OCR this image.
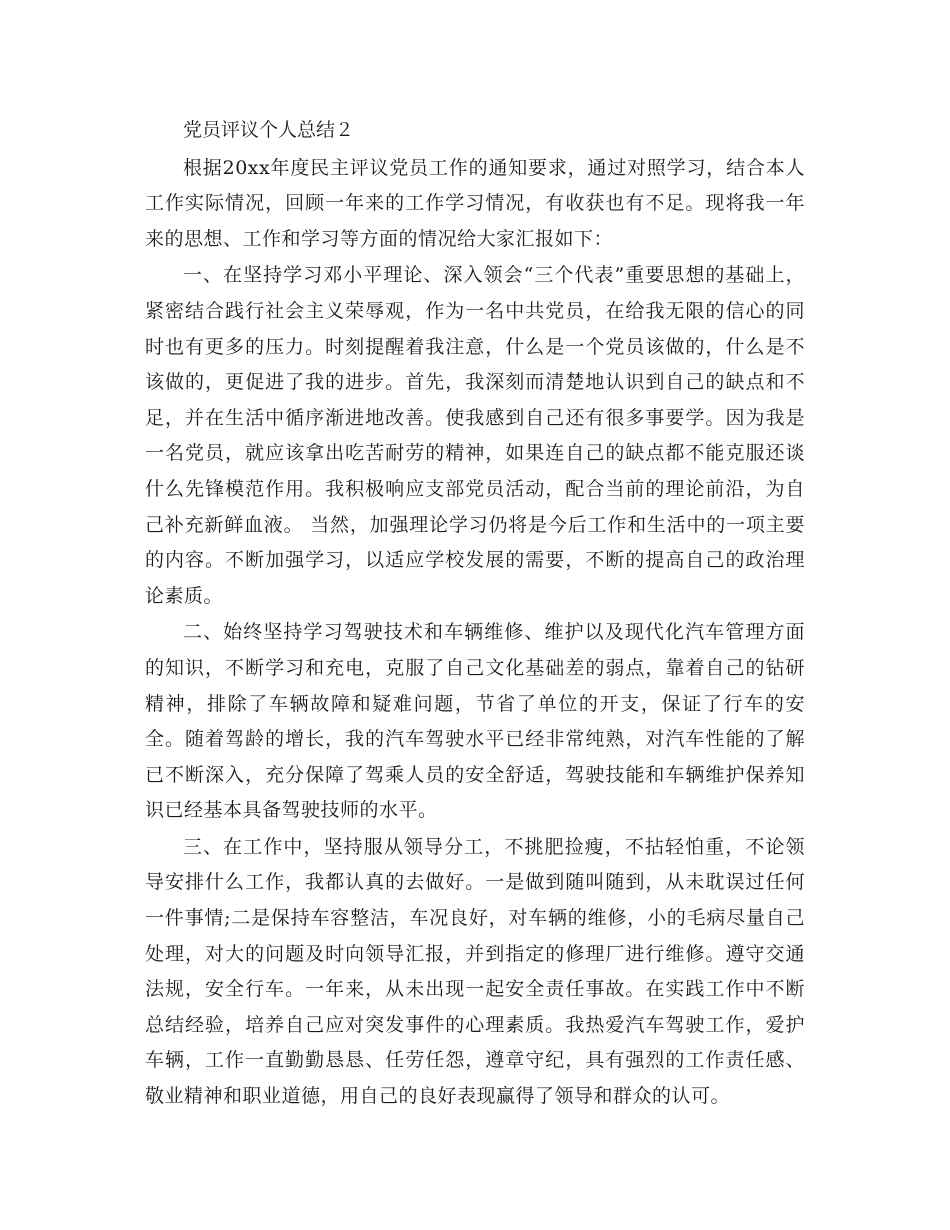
党员评议个人总结２

根据20xx年度民主评议党员工作的通知要求，通过对照学习，结合本人工作实际情况，回顾一年来的工作学习情况，有收获也有不足。现将我一年来的思想、工作和学习等方面的情况给大家汇报如下：

一、在坚持学习邓小平理论、深入领会“三个代表”重要思想的基础上，紧密结合践行社会主义荣辱观，作为一名中共党员，在给我无限的信心的同时也有更多的压力。时刻提醒着我注意，什么是一个党员该做的，什么是不该做的，更促进了我的进步。首先，我深刻而清楚地认识到自己的缺点和不足，并在生活中循序渐进地改善。使我感到自己还有很多事要学。因为我是一名党员，就应该拿出吃苦耐劳的精神，如果连自己的缺点都不能克服还谈什么先锋模范作用。我积极响应支部党员活动，配合当前的理论前沿，为自己补充新鲜血液。 当然，加强理论学习仍将是今后工作和生活中的一项主要的内容。不断加强学习，以适应学校发展的需要，不断的提高自己的政治理论素质。

二、始终坚持学习驾驶技术和车辆维修、维护以及现代化汽车管理方面的知识，不断学习和充电，克服了自己文化基础差的弱点，靠着自己的钻研精神，排除了车辆故障和疑难问题，节省了单位的开支，保证了行车的安全。随着驾龄的增长，我的汽车驾驶水平已经非常纯熟，对汽车性能的了解已不断深入，充分保障了驾乘人员的安全舒适，驾驶技能和车辆维护保养知识已经基本具备驾驶技师的水平。

三、在工作中，坚持服从领导分工，不挑肥捡瘦，不拈轻怕重，不论领导安排什么工作，我都认真的去做好。一是做到随叫随到，从未耽误过任何一件事情;二是保持车容整洁，车况良好，对车辆的维修，小的毛病尽量自己处理，对大的问题及时向领导汇报，并到指定的修理厂进行维修。遵守交通法规，安全行车。一年来，从未出现一起安全责任事故。在实践工作中不断总结经验，培养自己应对突发事件的心理素质。我热爱汽车驾驶工作，爱护车辆，工作一直勤勤恳恳、任劳任怨，遵章守纪，具有强烈的工作责任感、敬业精神和职业道德，用自己的良好表现赢得了领导和群众的认可。
